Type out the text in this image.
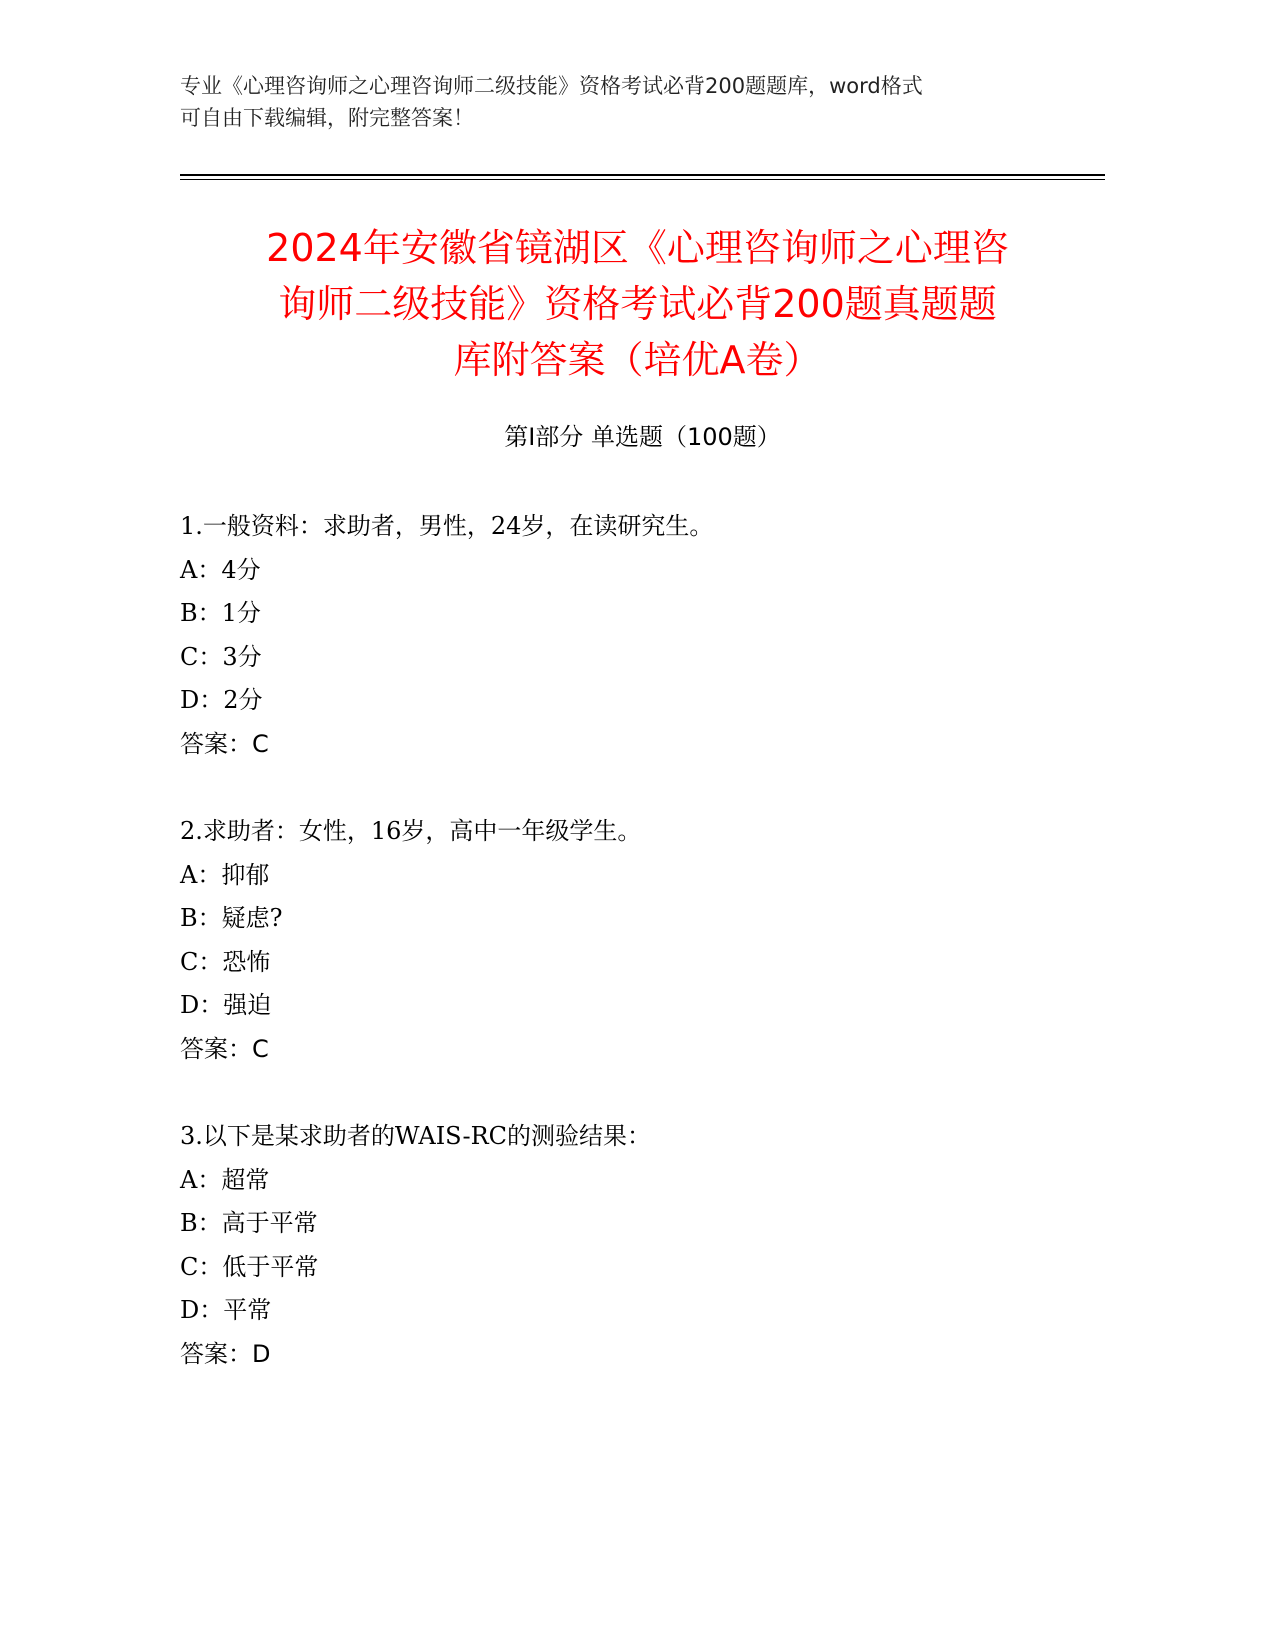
专业《心理咨询师之心理咨询师二级技能》资格考试必背200题题库，word格式
可自由下载编辑，附完整答案！
2024年安徽省镜湖区《心理咨询师之心理咨
询师二级技能》资格考试必背200题真题题
库附答案（培优A卷）
第Ⅰ部分 单选题（100题）
1.一般资料：求助者，男性，24岁，在读研究生。
A：4分
B：1分
C：3分
D：2分
答案：C
2.求助者：女性，16岁，高中一年级学生。
A：抑郁
B：疑虑?
C：恐怖
D：强迫
答案：C
3.以下是某求助者的WAIS-RC的测验结果：
A：超常
B：高于平常
C：低于平常
D：平常
答案：D
